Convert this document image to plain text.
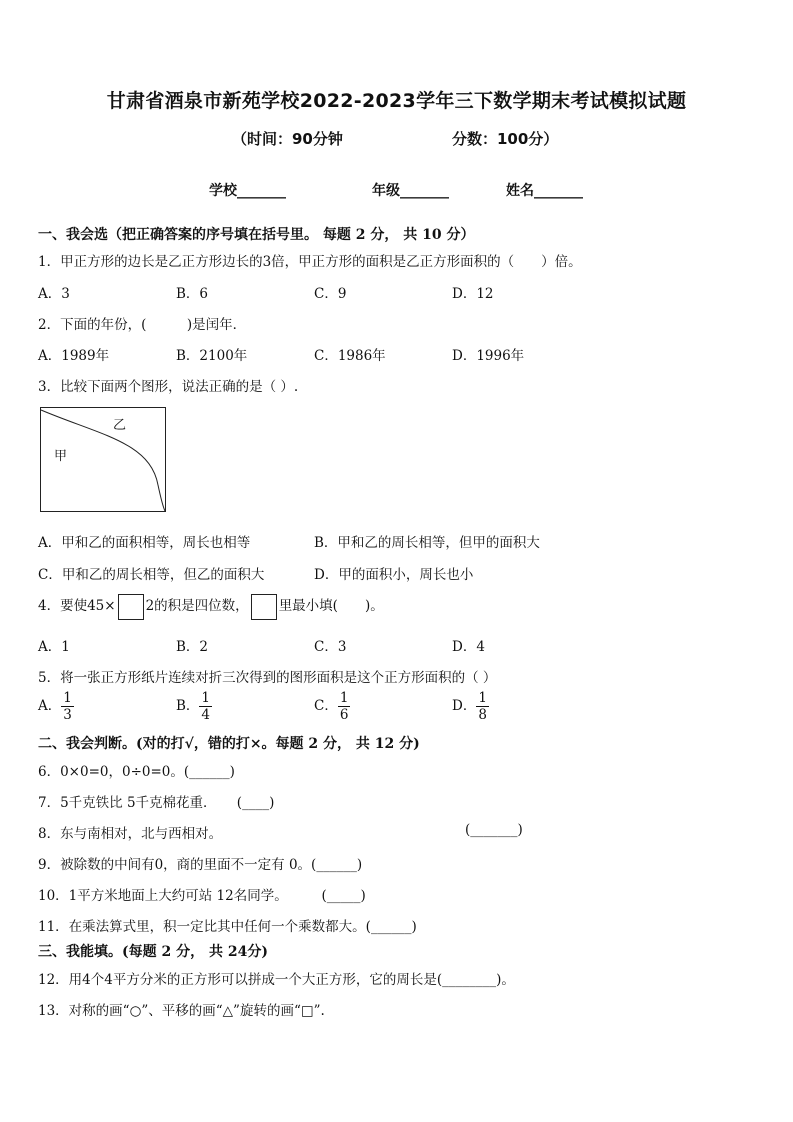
甘肃省酒泉市新苑学校2022-2023学年三下数学期末考试模拟试题
（时间：90分钟	分数：100分）
学校_______	年级_______	姓名_______
一、我会选（把正确答案的序号填在括号里。 每题 2 分， 共 10 分）
1．甲正方形的边长是乙正方形边长的3倍，甲正方形的面积是乙正方形面积的（　　）倍。
A．3	B．6	C．9	D．12
2．下面的年份，(　　　)是闰年．
A．1989年	B．2100年	C．1986年	D．1996年
3．比较下面两个图形，说法正确的是（ ）.
乙
甲
A．甲和乙的面积相等，周长也相等	B．甲和乙的周长相等，但甲的面积大
C．甲和乙的周长相等，但乙的面积大	D．甲的面积小，周长也小
4．要使45× 2的积是四位数， 里最小填(　　)。
A．1	B．2	C．3	D．4
5．将一张正方形纸片连续对折三次得到的图形面积是这个正方形面积的（ ）
A． $\frac{1}{3}$	B． $\frac{1}{4}$	C． $\frac{1}{6}$	D． $\frac{1}{8}$
二、我会判断。(对的打√，错的打×。每题 2 分， 共 12 分)
6．0×0=0，0÷0=0。(______)
7．5千克铁比 5千克棉花重．　　(____)
8．东与南相对，北与西相对。	(_______)
9．被除数的中间有0，商的里面不一定有 0。(______)
10．1平方米地面上大约可站 12名同学。　　　(_____)
11．在乘法算式里，积一定比其中任何一个乘数都大。(______)
三、我能填。(每题 2 分， 共 24分)
12．用4个4平方分米的正方形可以拼成一个大正方形，它的周长是(________)。
13．对称的画“○”、平移的画“△”旋转的画“□”.
